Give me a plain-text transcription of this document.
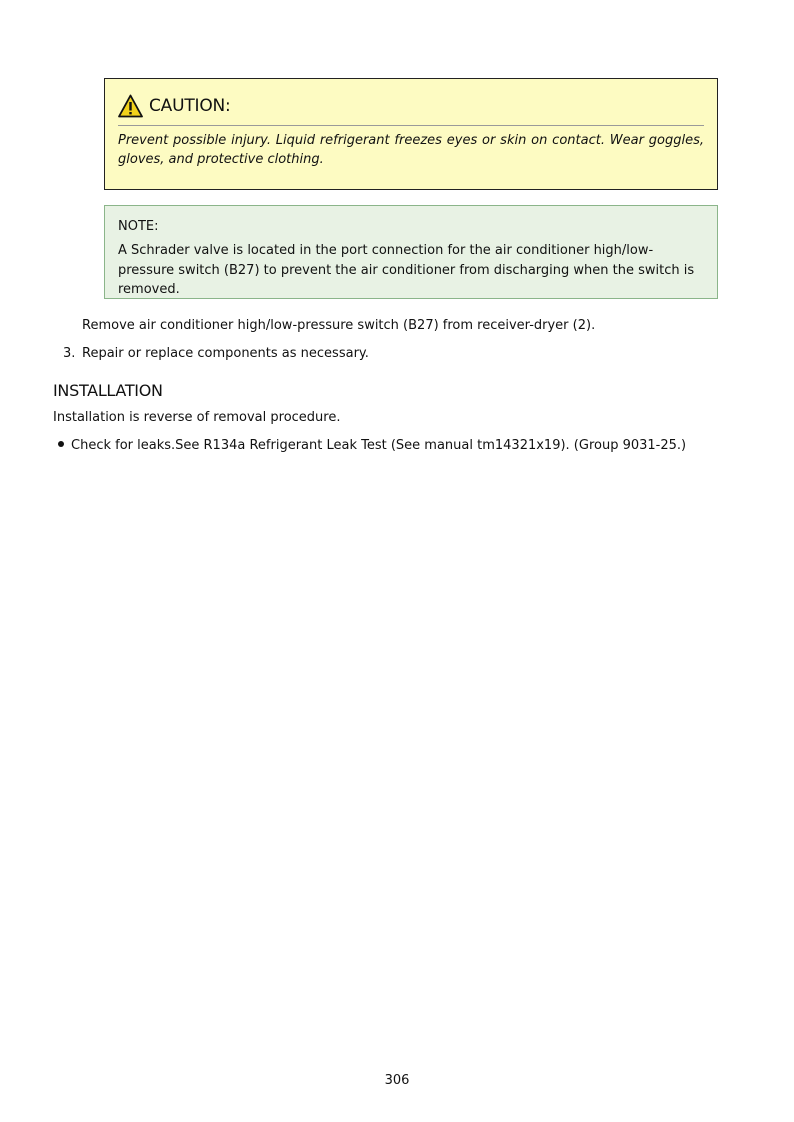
CAUTION:
Prevent possible injury. Liquid refrigerant freezes eyes or skin on contact. Wear goggles, gloves, and protective clothing.
NOTE:
A Schrader valve is located in the port connection for the air conditioner high/low-pressure switch (B27) to prevent the air conditioner from discharging when the switch is removed.
Remove air conditioner high/low-pressure switch (B27) from receiver-dryer (2).
3. Repair or replace components as necessary.
INSTALLATION
Installation is reverse of removal procedure.
Check for leaks.See R134a Refrigerant Leak Test (See manual tm14321x19). (Group 9031-25.)
306
